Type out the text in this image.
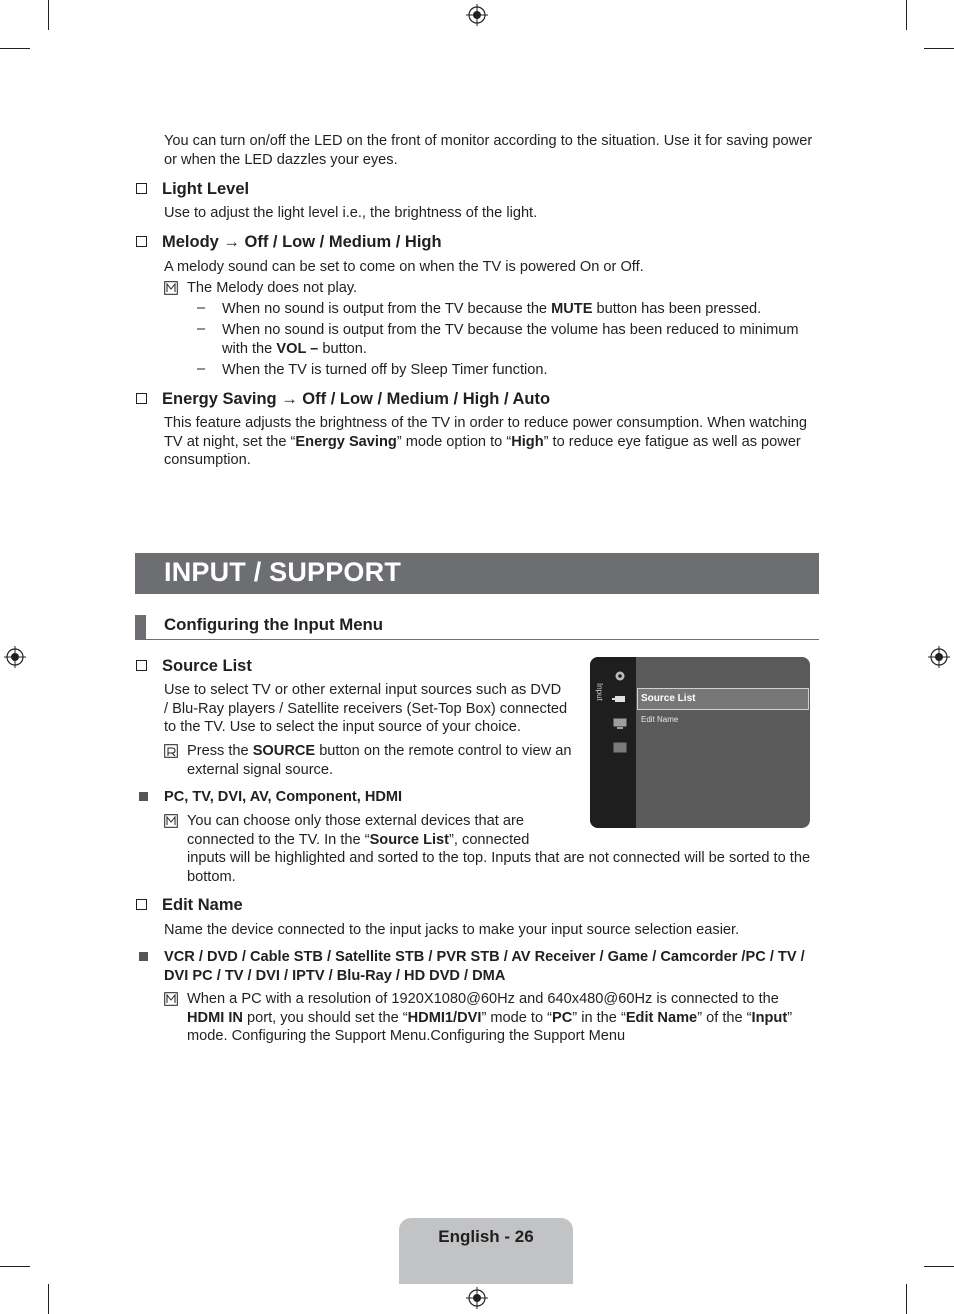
You can turn on/off the LED on the front of monitor according to the situation. Use it for saving power
or when the LED dazzles your eyes.
Light Level
Use to adjust the light level i.e., the brightness of the light.
Melody → Off / Low / Medium / High
A melody sound can be set to come on when the TV is powered On or Off.
The Melody does not play.
– When no sound is output from the TV because the MUTE button has been pressed.
– When no sound is output from the TV because the volume has been reduced to minimum
with the VOL – button.
– When the TV is turned off by Sleep Timer function.
Energy Saving → Off / Low / Medium / High / Auto
This feature adjusts the brightness of the TV in order to reduce power consumption. When watching
TV at night, set the “Energy Saving” mode option to “High” to reduce eye fatigue as well as power
consumption.
INPUT / SUPPORT
Configuring the Input Menu
Source List
Use to select TV or other external input sources such as DVD
/ Blu-Ray players / Satellite receivers (Set-Top Box) connected
to the TV. Use to select the input source of your choice.
Press the SOURCE button on the remote control to view an
external signal source.
PC, TV, DVI, AV, Component, HDMI
You can choose only those external devices that are
connected to the TV. In the “Source List”, connected
inputs will be highlighted and sorted to the top. Inputs that are not connected will be sorted to the
bottom.
Input	Source List
Edit Name
Edit Name
Name the device connected to the input jacks to make your input source selection easier.
VCR / DVD / Cable STB / Satellite STB / PVR STB / AV Receiver / Game / Camcorder /PC / TV /
DVI PC / TV / DVI / IPTV / Blu-Ray / HD DVD / DMA
When a PC with a resolution of 1920X1080@60Hz and 640x480@60Hz is connected to the
HDMI IN port, you should set the “HDMI1/DVI” mode to “PC” in the “Edit Name” of the “Input”
mode. Configuring the Support Menu.Configuring the Support Menu
English - 26
